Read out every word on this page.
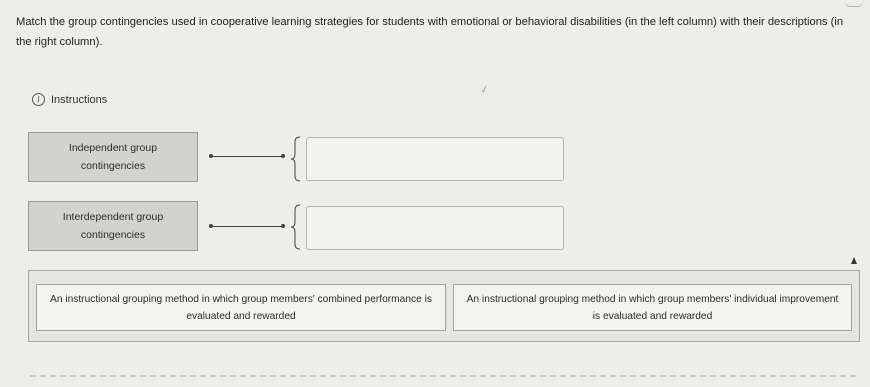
Match the group contingencies used in cooperative learning strategies for students with emotional or behavioral disabilities (in the left column) with their descriptions (in the right column).
i	Instructions
✓
Independent group contingencies
Interdependent group contingencies
An instructional grouping method in which group members' combined performance is evaluated and rewarded
An instructional grouping method in which group members' individual improvement is evaluated and rewarded
